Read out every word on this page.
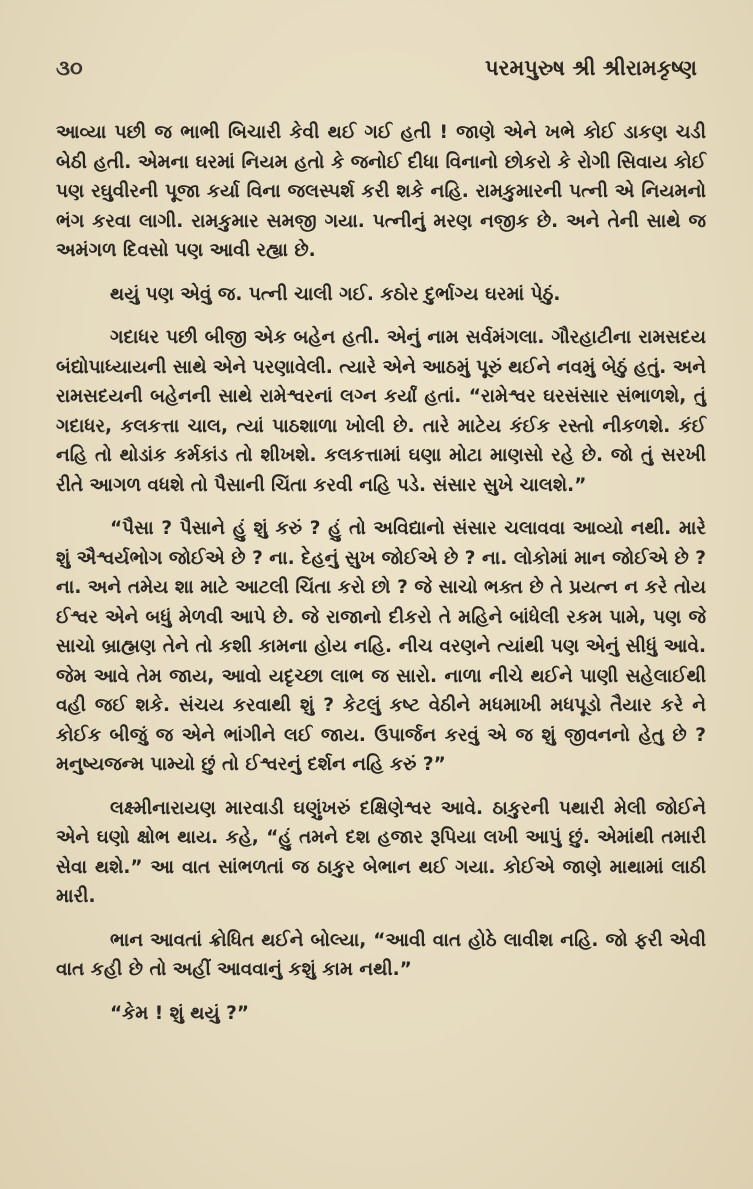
૩૦	પરમપુરુષ શ્રી શ્રીરામકૃષ્ણ

આવ્યા પછી જ ભાભી બિચારી કેવી થઈ ગઈ હતી ! જાણે એને ખભે કોઈ ડાકણ ચડી બેઠી હતી. એમના ઘરમાં નિયમ હતો કે જનોઈ દીધા વિનાનો છોકરો કે રોગી સિવાય કોઈ પણ રઘુવીરની પૂજા કર્યા વિના જલસ્પર્શ કરી શકે નહિ. રામકુમારની પત્ની એ નિયમનો ભંગ કરવા લાગી. રામકુમાર સમજી ગયા. પત્નીનું મરણ નજીક છે. અને તેની સાથે જ અમંગળ દિવસો પણ આવી રહ્યા છે.

થયું પણ એવું જ. પત્ની ચાલી ગઈ. કઠોર દુર્ભાગ્ય ઘરમાં પેઠું.

ગદાધર પછી બીજી એક બહેન હતી. એનું નામ સર્વમંગલા. ગૌરહાટીના રામસદય બંદ્યોપાધ્યાયની સાથે એને પરણાવેલી. ત્યારે એને આઠમું પૂરું થઈને નવમું બેઠું હતું. અને રામસદયની બહેનની સાથે રામેશ્વરનાં લગ્ન કર્યાં હતાં. “રામેશ્વર ઘરસંસાર સંભાળશે, તું ગદાધર, કલકત્તા ચાલ, ત્યાં પાઠશાળા ખોલી છે. તારે માટેય કંઈક રસ્તો નીકળશે. કંઈ નહિ તો થોડાંક કર્મકાંડ તો શીખશે. કલકત્તામાં ઘણા મોટા માણસો રહે છે. જો તું સરખી રીતે આગળ વધશે તો પૈસાની ચિંતા કરવી નહિ પડે. સંસાર સુખે ચાલશે.”

“પૈસા ? પૈસાને હું શું કરું ? હું તો અવિદ્યાનો સંસાર ચલાવવા આવ્યો નથી. મારે શું ઐશ્વર્યભોગ જોઈએ છે ? ના. દેહનું સુખ જોઈએ છે ? ના. લોકોમાં માન જોઈએ છે ? ના. અને તમેય શા માટે આટલી ચિંતા કરો છો ? જે સાચો ભક્ત છે તે પ્રયત્ન ન કરે તોય ઈશ્વર એને બધું મેળવી આપે છે. જે રાજાનો દીકરો તે મહિને બાંધેલી રકમ પામે, પણ જે સાચો બ્રાહ્મણ તેને તો કશી કામના હોય નહિ. નીચ વરણને ત્યાંથી પણ એનું સીધું આવે. જેમ આવે તેમ જાય, આવો યદૃચ્છા લાભ જ સારો. નાળા નીચે થઈને પાણી સહેલાઈથી વહી જઈ શકે. સંચય કરવાથી શું ? કેટલું કષ્ટ વેઠીને મધમાખી મધપૂડો તૈયાર કરે ને કોઈક બીજું જ એને ભાંગીને લઈ જાય. ઉપાર્જન કરવું એ જ શું જીવનનો હેતુ છે ? મનુષ્યજન્મ પામ્યો છું તો ઈશ્વરનું દર્શન નહિ કરું ?”

લક્ષ્મીનારાયણ મારવાડી ઘણુંખરું દક્ષિણેશ્વર આવે. ઠાકુરની પથારી મેલી જોઈને એને ઘણો ક્ષોભ થાય. કહે, “હું તમને દશ હજાર રૂપિયા લખી આપું છું. એમાંથી તમારી સેવા થશે.” આ વાત સાંભળતાં જ ઠાકુર બેભાન થઈ ગયા. કોઈએ જાણે માથામાં લાઠી મારી.

ભાન આવતાં ક્રોધિત થઈને બોલ્યા, “આવી વાત હોઠે લાવીશ નહિ. જો ફરી એવી વાત કહી છે તો અહીં આવવાનું કશું કામ નથી.”

“કેમ ! શું થયું ?”
